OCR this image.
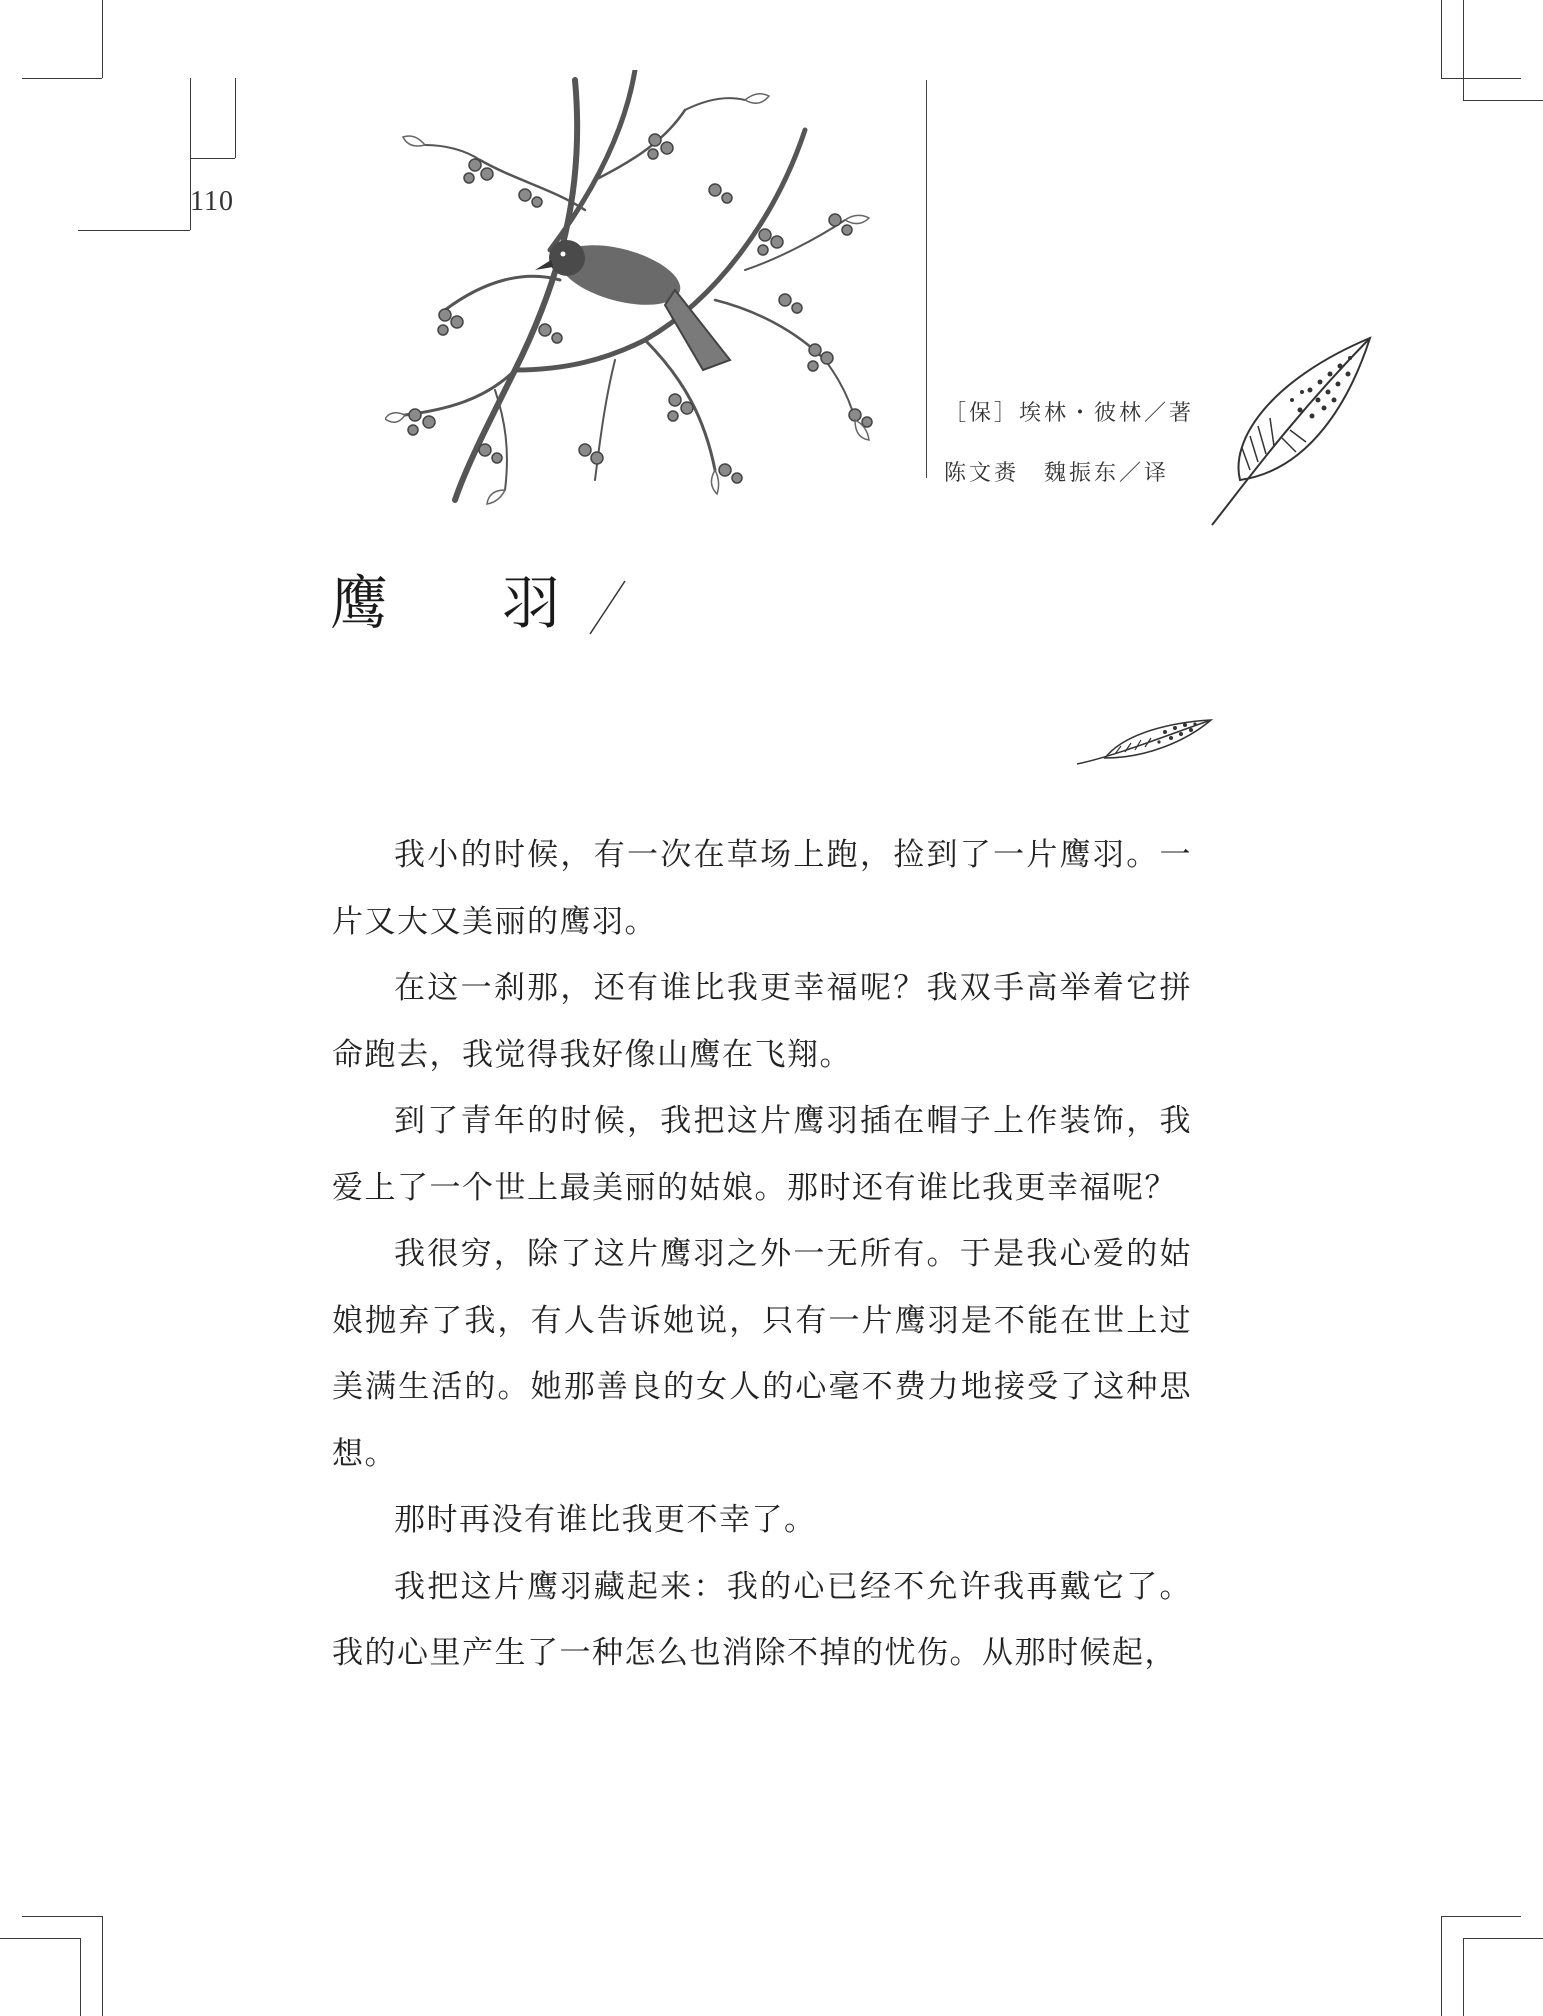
110
［保］埃林・彼林／著
陈文赉　魏振东／译
鹰 羽

我小的时候，有一次在草场上跑，捡到了一片鹰羽。一片又大又美丽的鹰羽。

在这一刹那，还有谁比我更幸福呢？我双手高举着它拼命跑去，我觉得我好像山鹰在飞翔。

到了青年的时候，我把这片鹰羽插在帽子上作装饰，我爱上了一个世上最美丽的姑娘。那时还有谁比我更幸福呢？

我很穷，除了这片鹰羽之外一无所有。于是我心爱的姑娘抛弃了我，有人告诉她说，只有一片鹰羽是不能在世上过美满生活的。她那善良的女人的心毫不费力地接受了这种思想。

那时再没有谁比我更不幸了。

我把这片鹰羽藏起来：我的心已经不允许我再戴它了。我的心里产生了一种怎么也消除不掉的忧伤。从那时候起，
